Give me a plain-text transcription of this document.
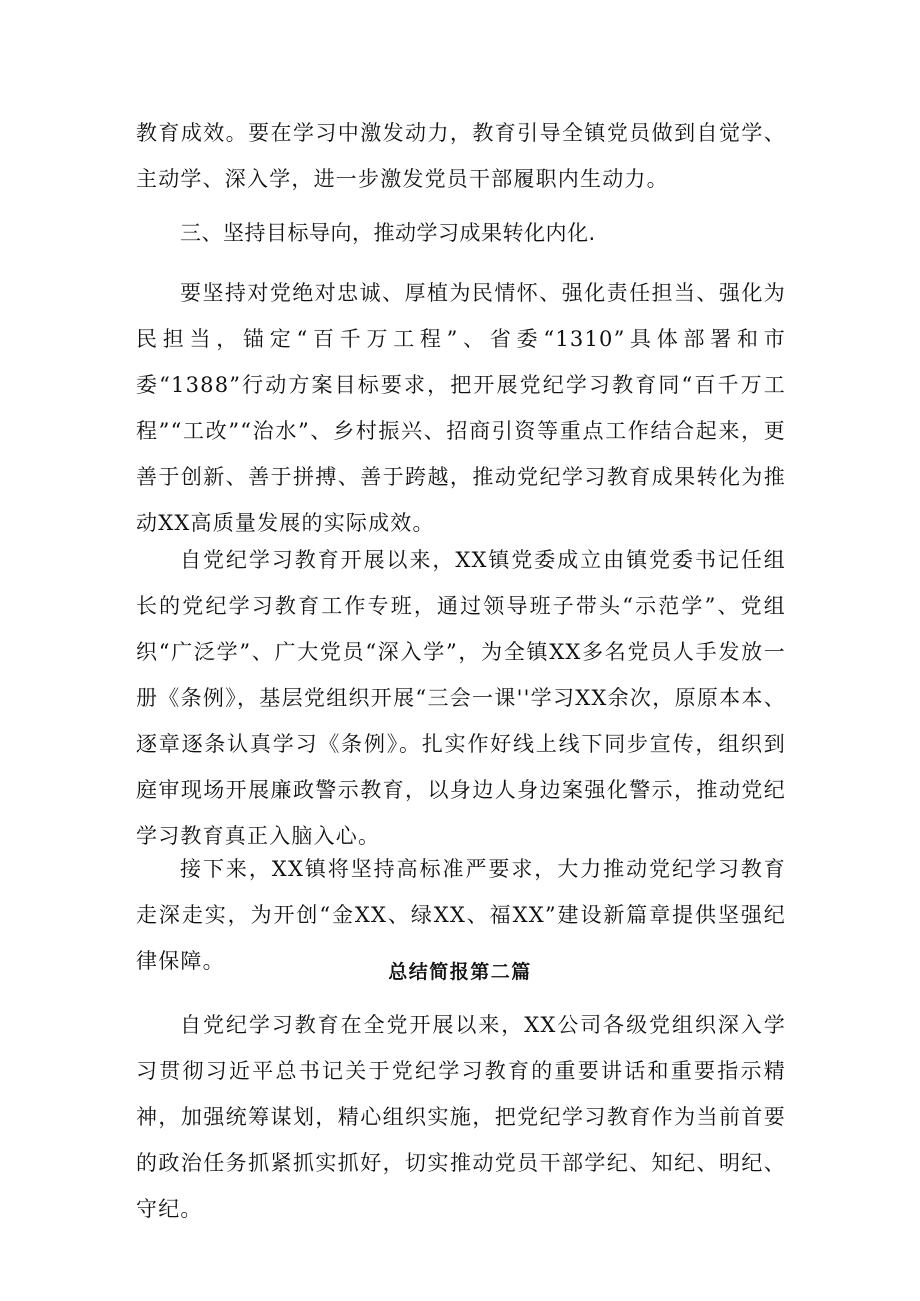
教育成效。要在学习中激发动力，教育引导全镇党员做到自觉学、主动学、深入学，进一步激发党员干部履职内生动力。

三、坚持目标导向，推动学习成果转化内化.

要坚持对党绝对忠诚、厚植为民情怀、强化责任担当、强化为民担当，锚定“百千万工程”、省委“1310”具体部署和市委“1388”行动方案目标要求，把开展党纪学习教育同“百千万工程”“工改”“治水”、乡村振兴、招商引资等重点工作结合起来，更善于创新、善于拼搏、善于跨越，推动党纪学习教育成果转化为推动XX高质量发展的实际成效。

自党纪学习教育开展以来，XX镇党委成立由镇党委书记任组长的党纪学习教育工作专班，通过领导班子带头“示范学”、党组织“广泛学”、广大党员“深入学”，为全镇XX多名党员人手发放一册《条例》，基层党组织开展“三会一课''学习XX余次，原原本本、逐章逐条认真学习《条例》。扎实作好线上线下同步宣传，组织到庭审现场开展廉政警示教育，以身边人身边案强化警示，推动党纪学习教育真正入脑入心。

接下来，XX镇将坚持高标准严要求，大力推动党纪学习教育走深走实，为开创“金XX、绿XX、福XX”建设新篇章提供坚强纪律保障。	总结简报第二篇

自党纪学习教育在全党开展以来，XX公司各级党组织深入学习贯彻习近平总书记关于党纪学习教育的重要讲话和重要指示精神，加强统筹谋划，精心组织实施，把党纪学习教育作为当前首要的政治任务抓紧抓实抓好，切实推动党员干部学纪、知纪、明纪、守纪。
